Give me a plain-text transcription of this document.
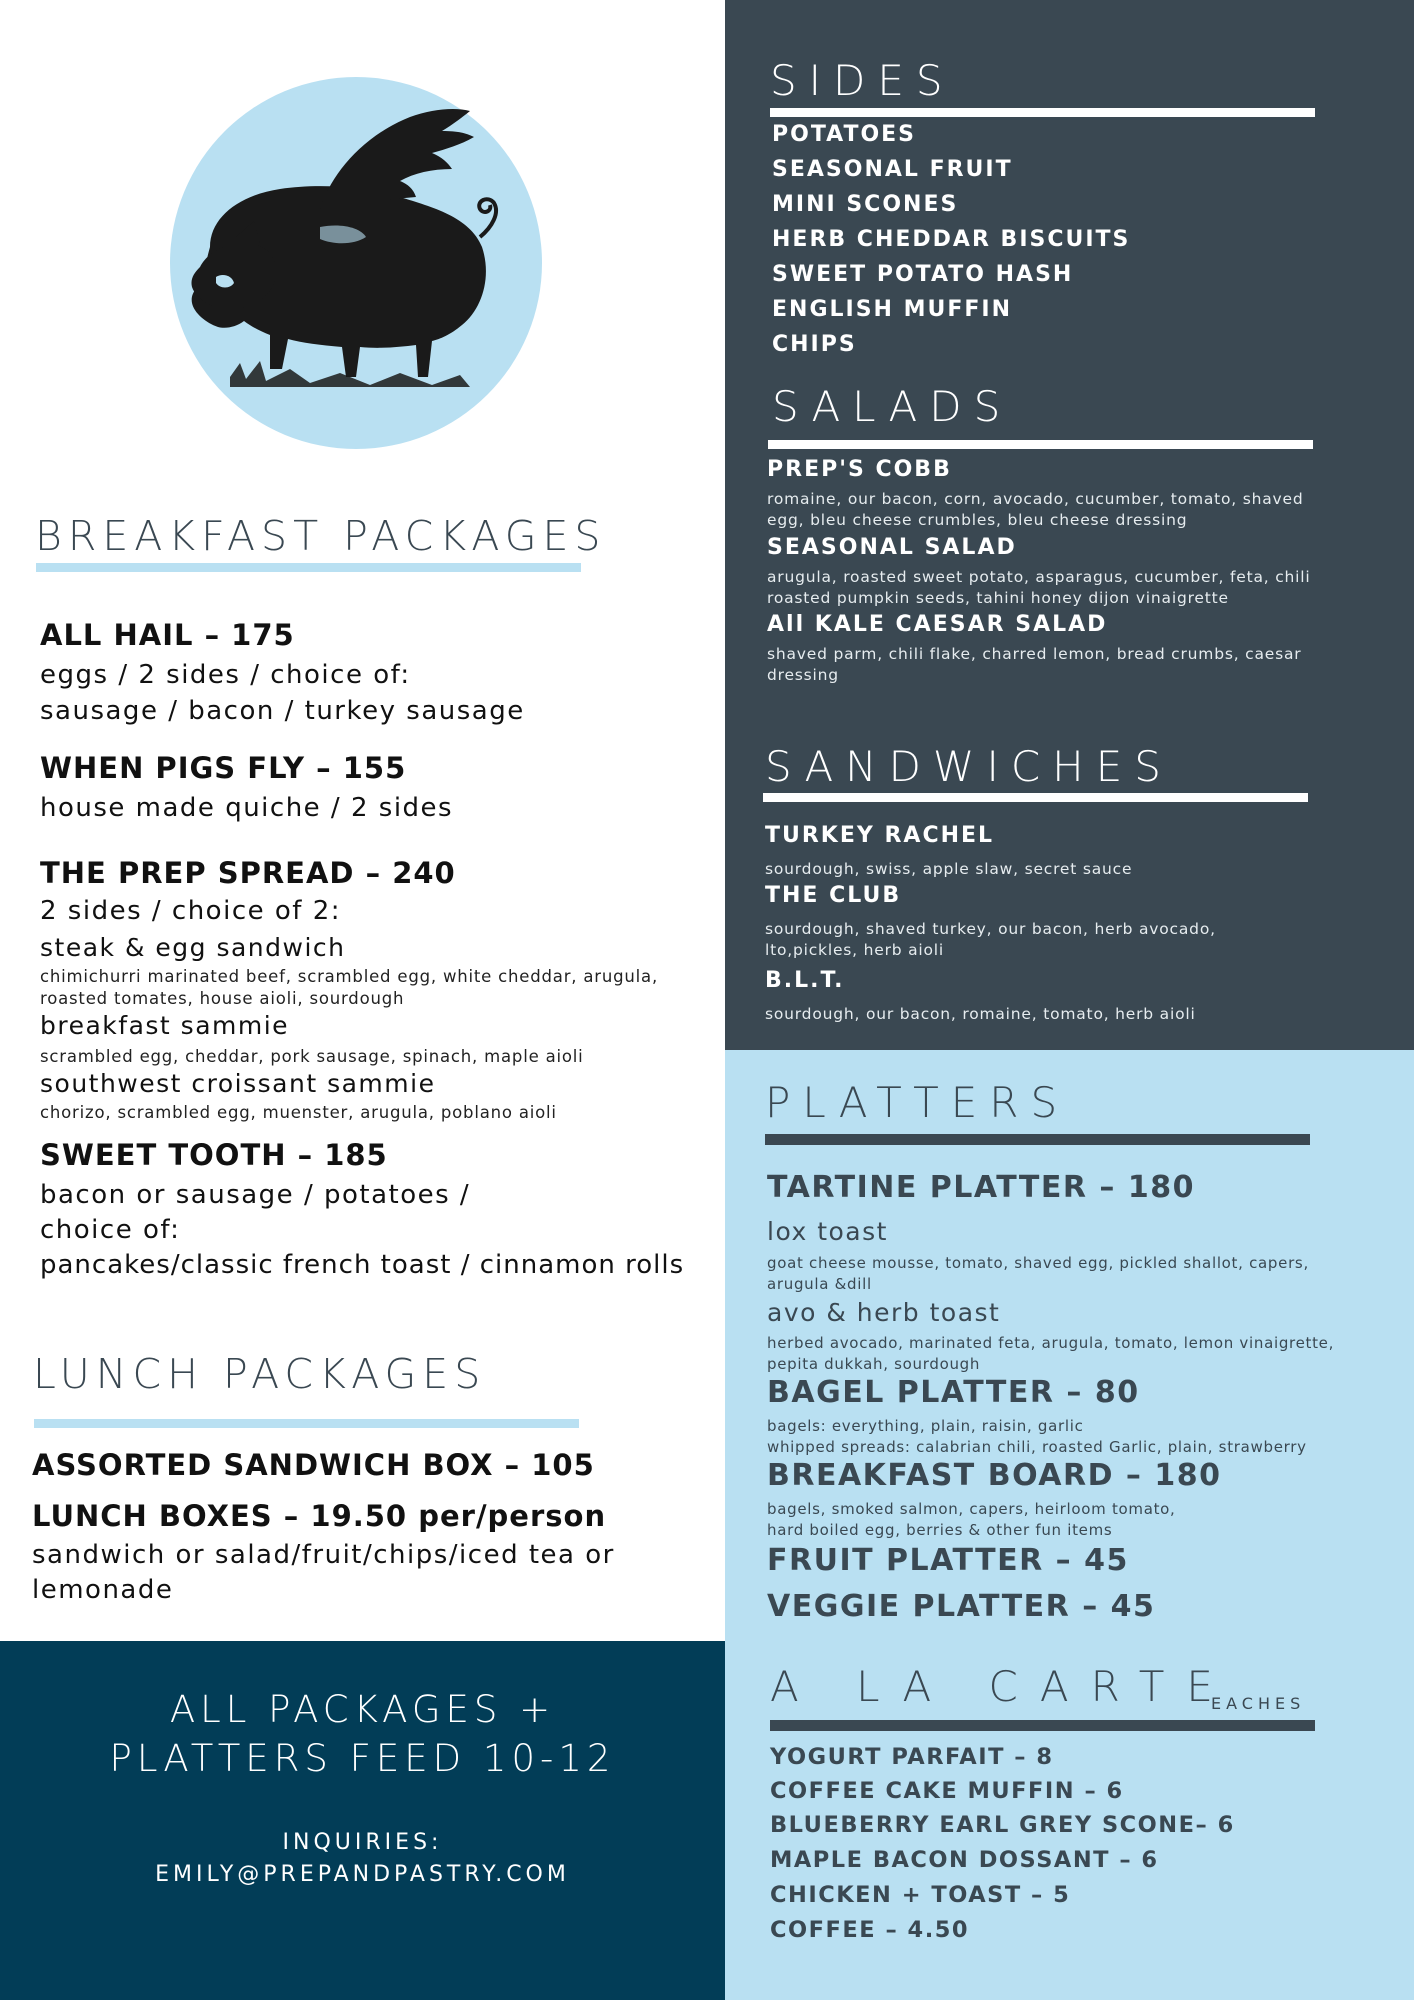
BREAKFAST PACKAGES
ALL HAIL – 175
eggs / 2 sides / choice of:
sausage / bacon / turkey sausage
WHEN PIGS FLY – 155
house made quiche / 2 sides
THE PREP SPREAD – 240
2 sides / choice of 2:
steak & egg sandwich
chimichurri marinated beef, scrambled egg, white cheddar, arugula, roasted tomates, house aioli, sourdough
breakfast sammie
scrambled egg, cheddar, pork sausage, spinach, maple aioli
southwest croissant sammie
chorizo, scrambled egg, muenster, arugula, poblano aioli
SWEET TOOTH – 185
bacon or sausage / potatoes /
choice of:
pancakes/classic french toast / cinnamon rolls
LUNCH PACKAGES
ASSORTED SANDWICH BOX – 105
LUNCH BOXES – 19.50 per/person
sandwich or salad/fruit/chips/iced tea or lemonade
ALL PACKAGES +
PLATTERS FEED 10-12
INQUIRIES:
EMILY@PREPANDPASTRY.COM
SIDES
POTATOES
SEASONAL FRUIT
MINI SCONES
HERB CHEDDAR BISCUITS
SWEET POTATO HASH
ENGLISH MUFFIN
CHIPS
SALADS
PREP'S COBB
romaine, our bacon, corn, avocado, cucumber, tomato, shaved egg, bleu cheese crumbles, bleu cheese dressing
SEASONAL SALAD
arugula, roasted sweet potato, asparagus, cucumber, feta, chili roasted pumpkin seeds, tahini honey dijon vinaigrette
All KALE CAESAR SALAD
shaved parm, chili flake, charred lemon, bread crumbs, caesar dressing
SANDWICHES
TURKEY RACHEL
sourdough, swiss, apple slaw, secret sauce
THE CLUB
sourdough, shaved turkey, our bacon, herb avocado, lto,pickles, herb aioli
B.L.T.
sourdough, our bacon, romaine, tomato, herb aioli
PLATTERS
TARTINE PLATTER – 180
lox toast
goat cheese mousse, tomato, shaved egg, pickled shallot, capers, arugula &dill
avo & herb toast
herbed avocado, marinated feta, arugula, tomato, lemon vinaigrette, pepita dukkah, sourdough
BAGEL PLATTER – 80
bagels: everything, plain, raisin, garlic
whipped spreads: calabrian chili, roasted Garlic, plain, strawberry
BREAKFAST BOARD – 180
bagels, smoked salmon, capers, heirloom tomato,
hard boiled egg, berries & other fun items
FRUIT PLATTER – 45
VEGGIE PLATTER – 45
A LA CARTE
EACHES
YOGURT PARFAIT – 8
COFFEE CAKE MUFFIN – 6
BLUEBERRY EARL GREY SCONE– 6
MAPLE BACON DOSSANT – 6
CHICKEN + TOAST – 5
COFFEE – 4.50
